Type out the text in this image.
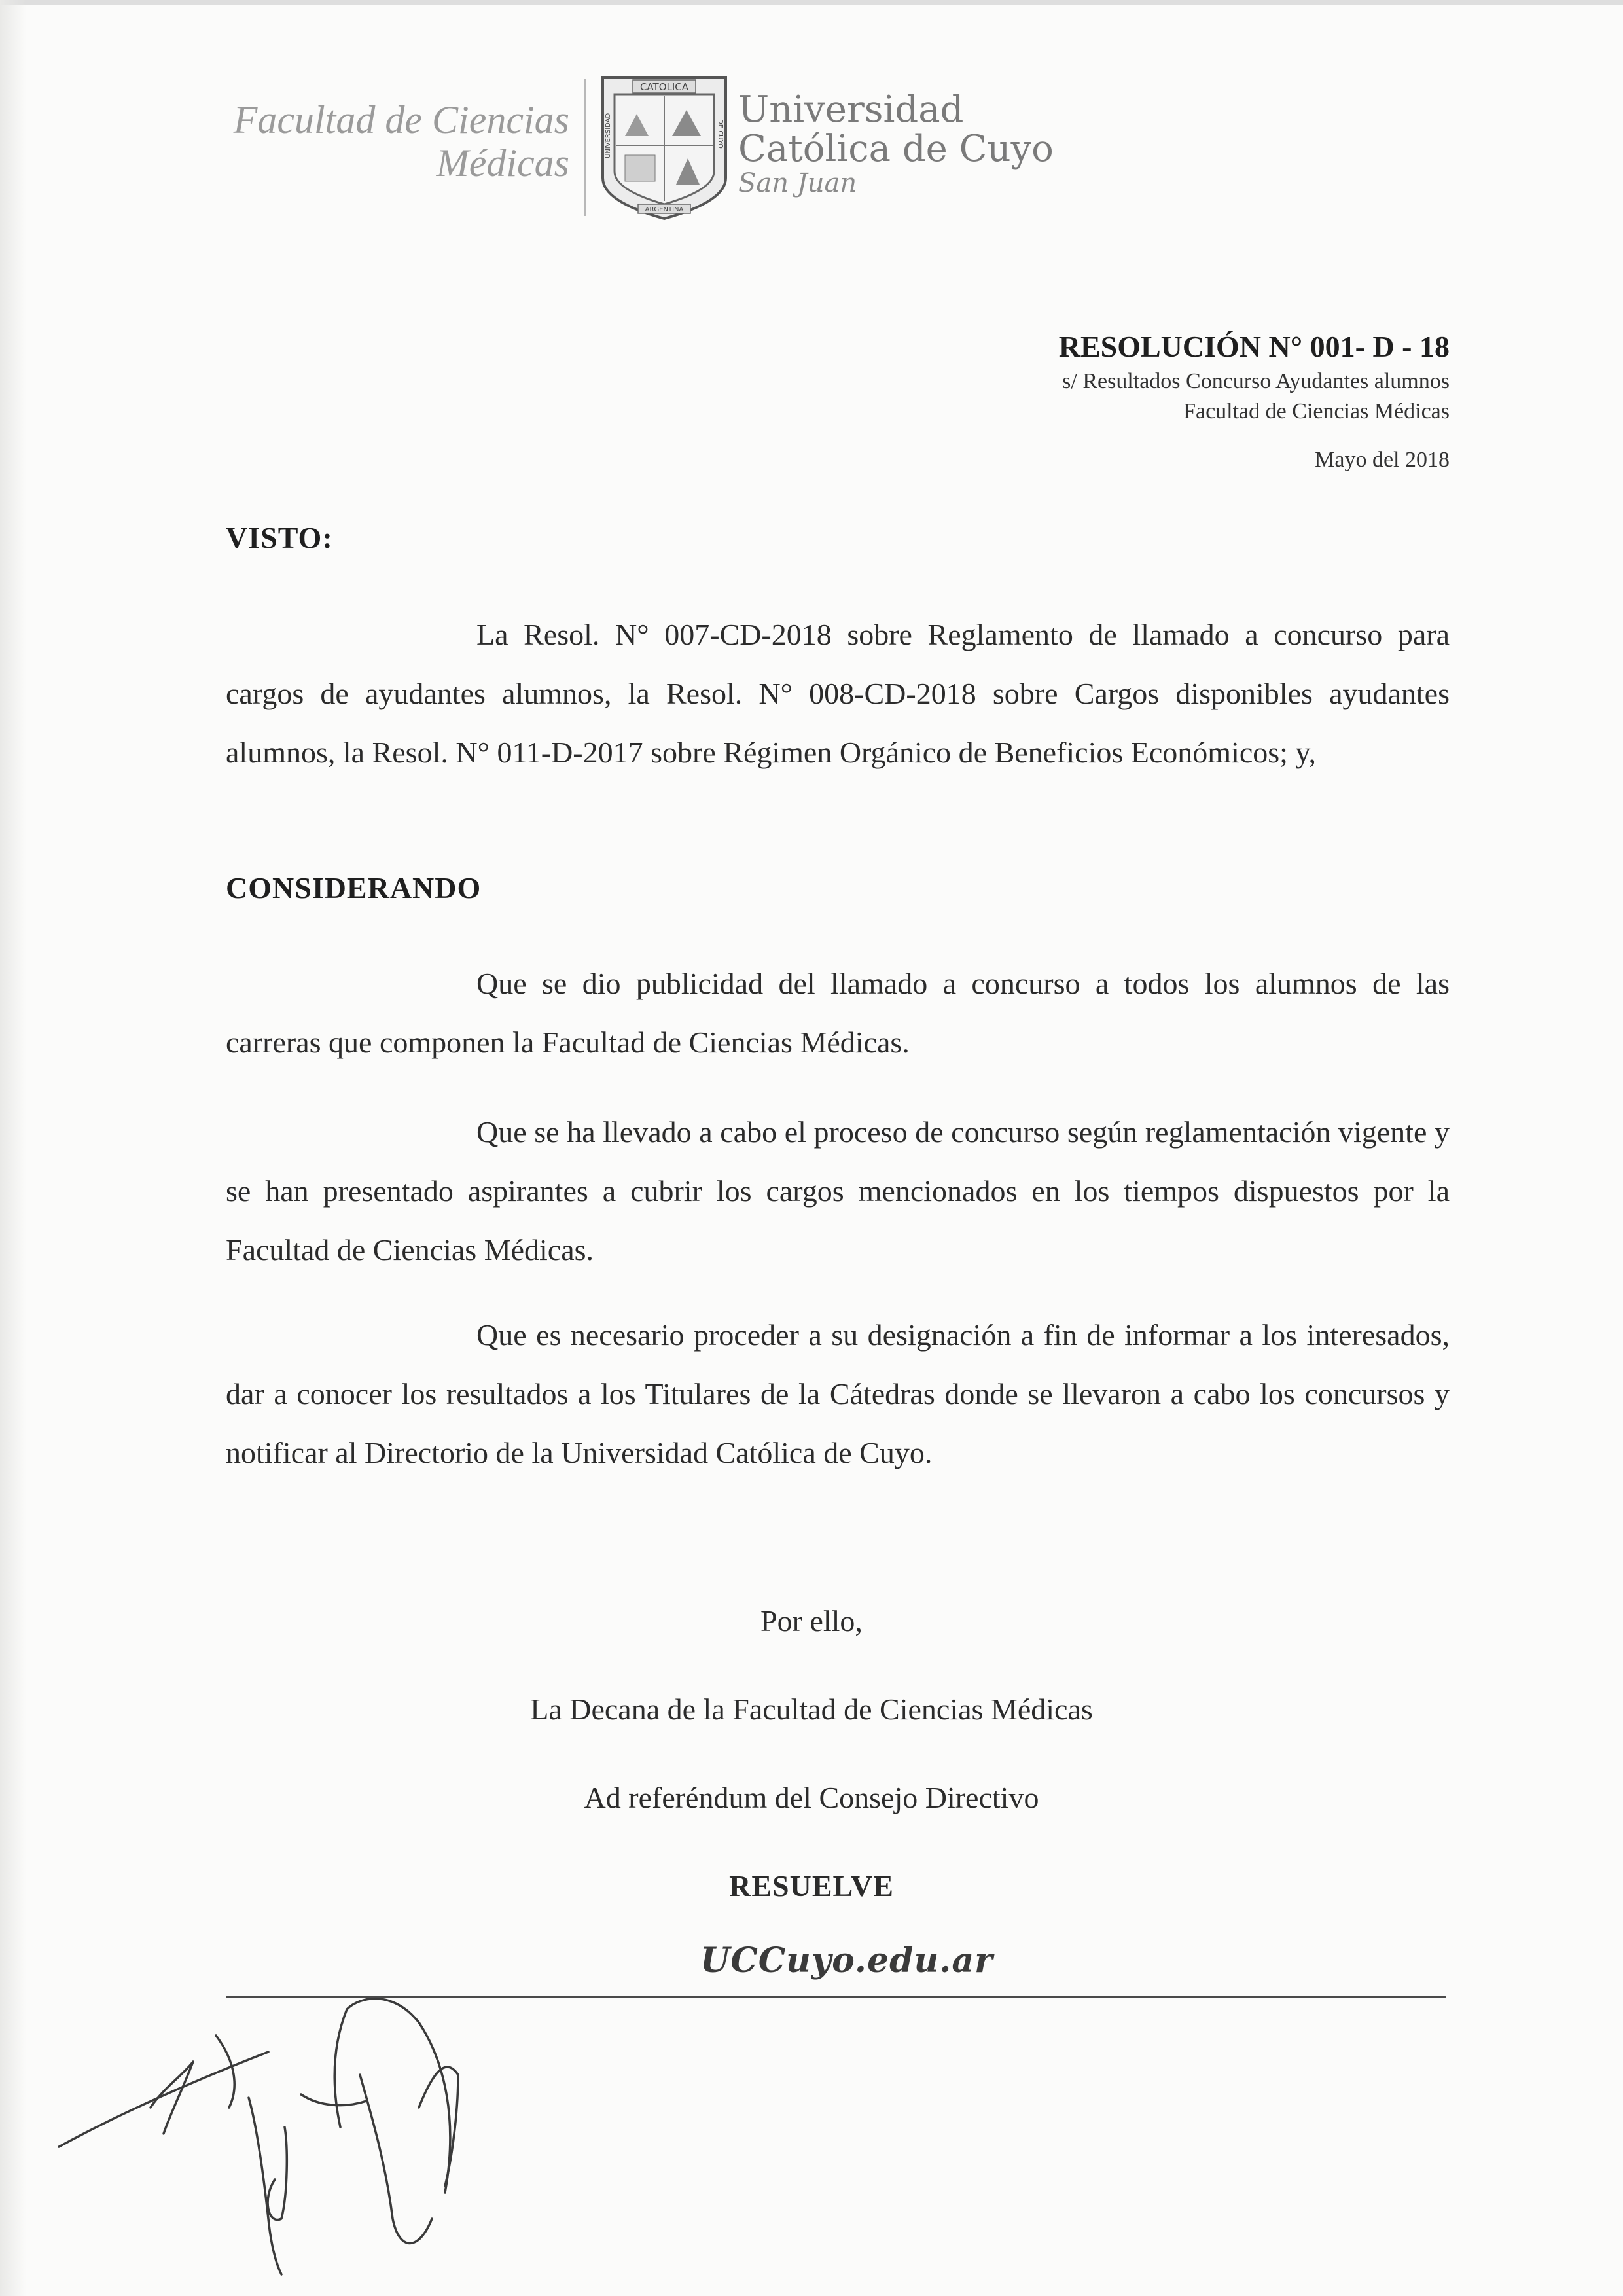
Facultad de Ciencias
Médicas
CATOLICA
UNIVERSIDAD	DE CUYO
ARGENTINA
Universidad
Católica de Cuyo
San Juan
RESOLUCIÓN N° 001- D - 18
s/ Resultados Concurso Ayudantes alumnos
Facultad de Ciencias Médicas
Mayo del 2018
VISTO:
La Resol. N° 007-CD-2018 sobre Reglamento de llamado a concurso para cargos de ayudantes alumnos, la Resol. N° 008-CD-2018 sobre Cargos disponibles ayudantes alumnos, la Resol. N° 011-D-2017 sobre Régimen Orgánico de Beneficios Económicos; y,
CONSIDERANDO
Que se dio publicidad del llamado a concurso a todos los alumnos de las carreras que componen la Facultad de Ciencias Médicas.
Que se ha llevado a cabo el proceso de concurso según reglamentación vigente y se han presentado aspirantes a cubrir los cargos mencionados en los tiempos dispuestos por la Facultad de Ciencias Médicas.
Que es necesario proceder a su designación a fin de informar a los interesados, dar a conocer los resultados a los Titulares de la Cátedras donde se llevaron a cabo los concursos y notificar al Directorio de la Universidad Católica de Cuyo.
Por ello,
La Decana de la Facultad de Ciencias Médicas
Ad referéndum del Consejo Directivo
RESUELVE
UCCuyo.edu.ar
